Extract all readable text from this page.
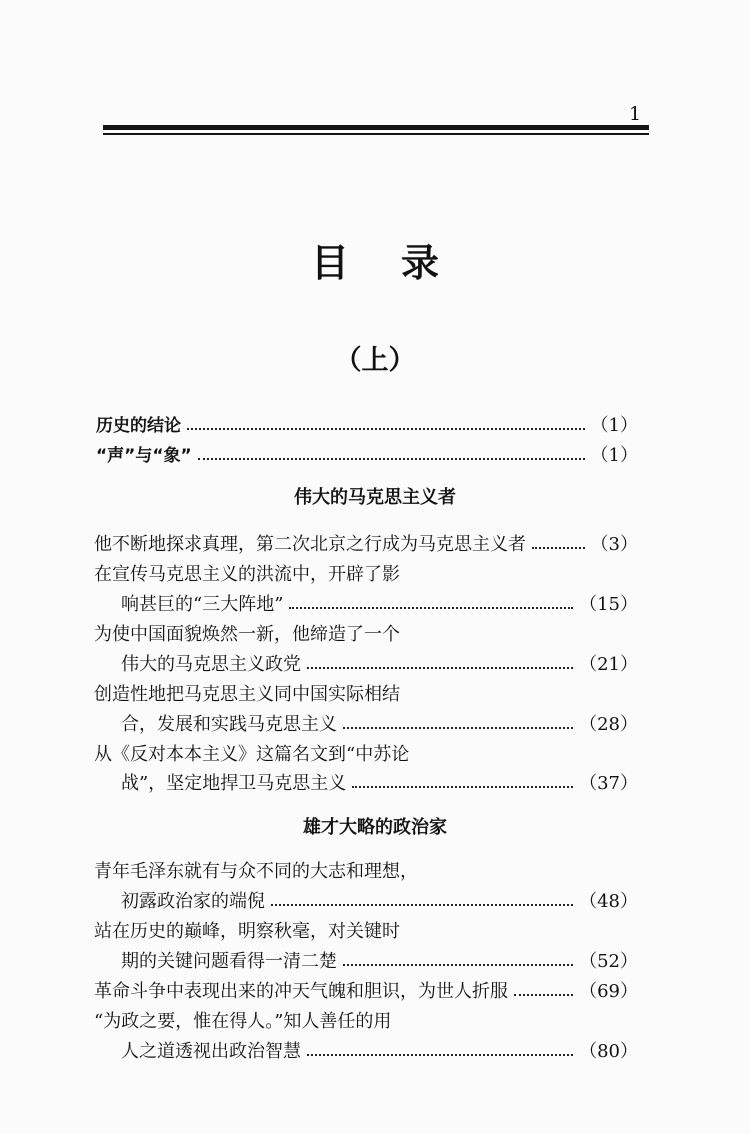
1
目录
（上）
历史的结论	（1）
“声”与“象”	（1）
伟大的马克思主义者
他不断地探求真理，第二次北京之行成为马克思主义者	（3）
在宣传马克思主义的洪流中，开辟了影
响甚巨的“三大阵地”	（15）
为使中国面貌焕然一新，他缔造了一个
伟大的马克思主义政党	（21）
创造性地把马克思主义同中国实际相结
合，发展和实践马克思主义	（28）
从《反对本本主义》这篇名文到“中苏论
战”，坚定地捍卫马克思主义	（37）
雄才大略的政治家
青年毛泽东就有与众不同的大志和理想，
初露政治家的端倪	（48）
站在历史的巅峰，明察秋毫，对关键时
期的关键问题看得一清二楚	（52）
革命斗争中表现出来的冲天气魄和胆识，为世人折服	（69）
“为政之要，惟在得人。”知人善任的用
人之道透视出政治智慧	（80）
